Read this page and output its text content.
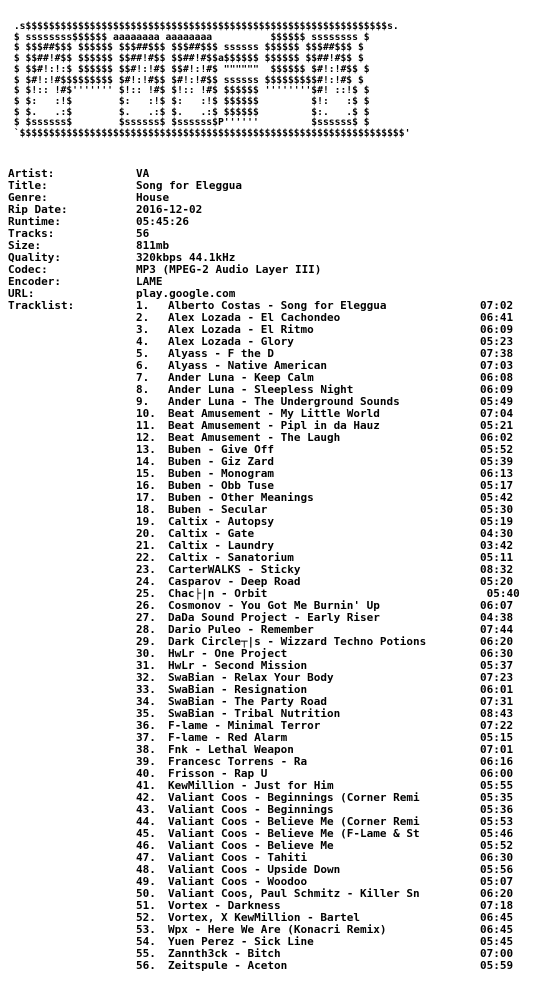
.s$$$$$$$$$$$$$$$$$$$$$$$$$$$$$$$$$$$$$$$$$$$$$$$$$$$$$$$$$$$$$$s.
$ ssssssss$$$$$$ aaaaaaaa aaaaaaaa          $$$$$$ ssssssss $
$ $$$##$$$ $$$$$$ $$$##$$$ $$$##$$$ ssssss $$$$$$ $$$##$$$ $
$ $$##!#$$ $$$$$$ $$##!#$$ $$##!#$$a$$$$$$ $$$$$$ $$##!#$$ $
$ $$#!:!:$ $$$$$$ $$#!:!#$ $$#!:!#$ """"""  $$$$$$ $#!:!#$$ $
$ $#!:!#$$$$$$$$$ $#!:!#$$ $#!:!#$$ ssssss $$$$$$$$$#!:!#$ $
$ $!:: !#$''''''' $!:: !#$ $!:: !#$ $$$$$$ ''''''''$#! ::!$ $
$ $:   :!$        $:   :!$ $:   :!$ $$$$$$         $!:   :$ $
$ $.   .:$        $.   .:$ $.   .:$ $$$$$$         $:.   .$ $
$ $ssssss$        $ssssss$ $ssssss$P''''''         $ssssss$ $
`$$$$$$$$$$$$$$$$$$$$$$$$$$$$$$$$$$$$$$$$$$$$$$$$$$$$$$$$$$$$$$$$$$'
Artist:	VA
Title:	Song for Eleggua
Genre:	House
Rip Date:	2016-12-02
Runtime:	05:45:26
Tracks:	56
Size:	811mb
Quality:	320kbps 44.1kHz
Codec:	MP3 (MPEG-2 Audio Layer III)
Encoder:	LAME
URL:	play.google.com
Tracklist:	1.	Alberto Costas - Song for Eleggua	07:02
2.	Alex Lozada - El Cachondeo	06:41
3.	Alex Lozada - El Ritmo	06:09
4.	Alex Lozada - Glory	05:23
5.	Alyass - F the D	07:38
6.	Alyass - Native American	07:03
7.	Ander Luna - Keep Calm	06:08
8.	Ander Luna - Sleepless Night	06:09
9.	Ander Luna - The Underground Sounds	05:49
10.	Beat Amusement - My Little World	07:04
11.	Beat Amusement - Pipl in da Hauz	05:21
12.	Beat Amusement - The Laugh	06:02
13.	Buben - Give Off	05:52
14.	Buben - Giz Zard	05:39
15.	Buben - Monogram	06:13
16.	Buben - Obb Tuse	05:17
17.	Buben - Other Meanings	05:42
18.	Buben - Secular	05:30
19.	Caltix - Autopsy	05:19
20.	Caltix - Gate	04:30
21.	Caltix - Laundry	03:42
22.	Caltix - Sanatorium	05:11
23.	CarterWALKS - Sticky	08:32
24.	Casparov - Deep Road	05:20
25.	Chac├|n - Orbit	05:40
26.	Cosmonov - You Got Me Burnin' Up	06:07
27.	DaDa Sound Project - Early Riser	04:38
28.	Dario Puleo - Remember	07:44
29.	Dark Circle┬|s - Wizzard Techno Potions	06:20
30.	HwLr - One Project	06:30
31.	HwLr - Second Mission	05:37
32.	SwaBian - Relax Your Body	07:23
33.	SwaBian - Resignation	06:01
34.	SwaBian - The Party Road	07:31
35.	SwaBian - Tribal Nutrition	08:43
36.	F-lame - Minimal Terror	07:22
37.	F-lame - Red Alarm	05:15
38.	Fnk - Lethal Weapon	07:01
39.	Francesc Torrens - Ra	06:16
40.	Frisson - Rap U	06:00
41.	KewMillion - Just for Him	05:55
42.	Valiant Coos - Beginnings (Corner Remi	05:35
43.	Valiant Coos - Beginnings	05:36
44.	Valiant Coos - Believe Me (Corner Remi	05:53
45.	Valiant Coos - Believe Me (F-Lame & St	05:46
46.	Valiant Coos - Believe Me	05:52
47.	Valiant Coos - Tahiti	06:30
48.	Valiant Coos - Upside Down	05:56
49.	Valiant Coos - Woodoo	05:07
50.	Valiant Coos, Paul Schmitz - Killer Sn	06:20
51.	Vortex - Darkness	07:18
52.	Vortex, X KewMillion - Bartel	06:45
53.	Wpx - Here We Are (Konacri Remix)	06:45
54.	Yuen Perez - Sick Line	05:45
55.	Zannth3ck - Bitch	07:00
56.	Zeitspule - Aceton	05:59
